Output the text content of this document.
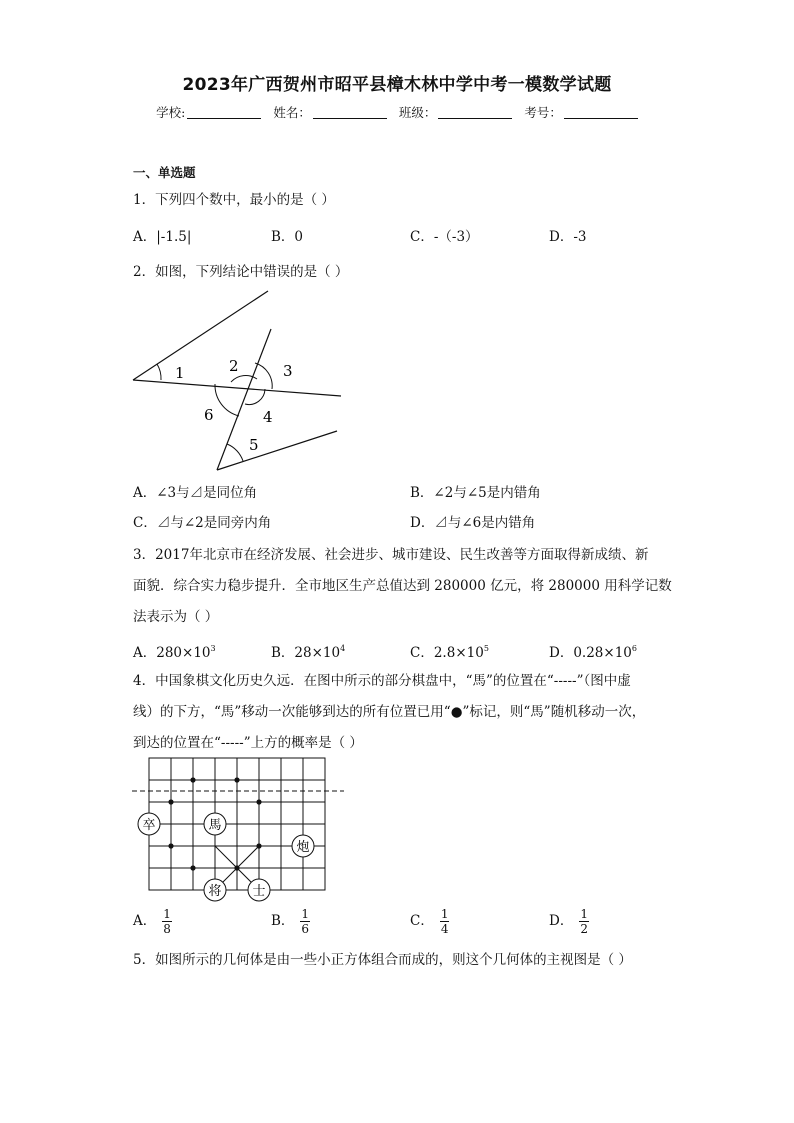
2023年广西贺州市昭平县樟木林中学中考一模数学试题
学校:	姓名：	班级：	考号：
一、单选题
1．下列四个数中，最小的是（ ）
A．|-1.5|	B．0	C．-（-3）	D．-3
2．如图，下列结论中错误的是（ ）
1	2	3
4
6
5
A．∠3与⊿是同位角	B．∠2与∠5是内错角
C．⊿与∠2是同旁内角	D．⊿与∠6是内错角
3．2017年北京市在经济发展、社会进步、城市建设、民生改善等方面取得新成绩、新
面貌．综合实力稳步提升．全市地区生产总值达到 280000 亿元，将 280000 用科学记数
法表示为（ ）
A．$280\times 10^3$	B．$28\times 10^4$	C．$2.8\times 10^5$	D．$0.28\times 10^6$
4．中国象棋文化历史久远．在图中所示的部分棋盘中，“馬”的位置在“-----”（图中虚
线）的下方，“馬”移动一次能够到达的所有位置已用“●”标记，则“馬”随机移动一次，
到达的位置在“-----”上方的概率是（ ）
卒	馬
炮
将 士
A． $\frac{1}{8}$	B． $\frac{1}{6}$	C． $\frac{1}{4}$	D． $\frac{1}{2}$
5．如图所示的几何体是由一些小正方体组合而成的，则这个几何体的主视图是（ ）
